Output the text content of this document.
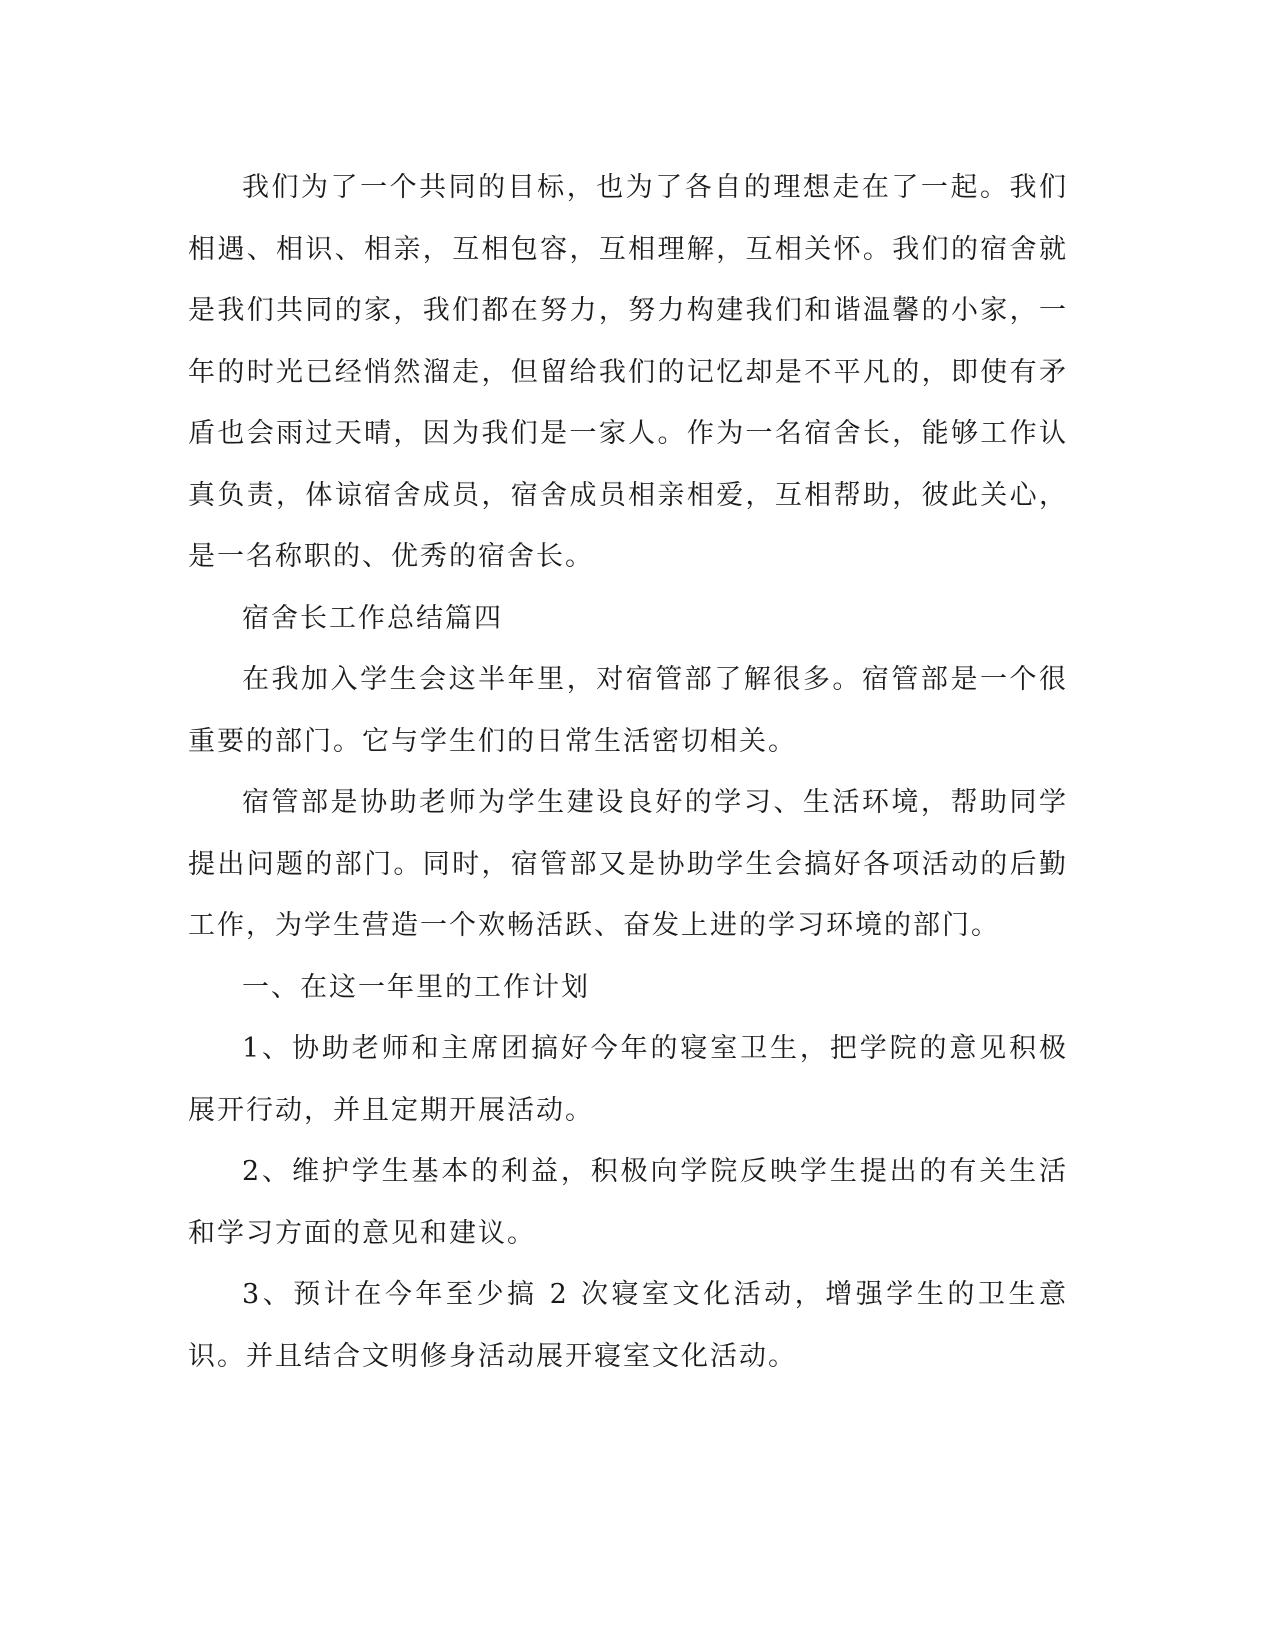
我们为了一个共同的目标，也为了各自的理想走在了一起。我们相遇、相识、相亲，互相包容，互相理解，互相关怀。我们的宿舍就是我们共同的家，我们都在努力，努力构建我们和谐温馨的小家，一年的时光已经悄然溜走，但留给我们的记忆却是不平凡的，即使有矛盾也会雨过天晴，因为我们是一家人。作为一名宿舍长，能够工作认真负责，体谅宿舍成员，宿舍成员相亲相爱，互相帮助，彼此关心，是一名称职的、优秀的宿舍长。

宿舍长工作总结篇四

在我加入学生会这半年里，对宿管部了解很多。宿管部是一个很重要的部门。它与学生们的日常生活密切相关。

宿管部是协助老师为学生建设良好的学习、生活环境，帮助同学提出问题的部门。同时，宿管部又是协助学生会搞好各项活动的后勤工作，为学生营造一个欢畅活跃、奋发上进的学习环境的部门。

一、在这一年里的工作计划

1、协助老师和主席团搞好今年的寝室卫生，把学院的意见积极展开行动，并且定期开展活动。

2、维护学生基本的利益，积极向学院反映学生提出的有关生活和学习方面的意见和建议。

3、预计在今年至少搞 2 次寝室文化活动，增强学生的卫生意识。并且结合文明修身活动展开寝室文化活动。
